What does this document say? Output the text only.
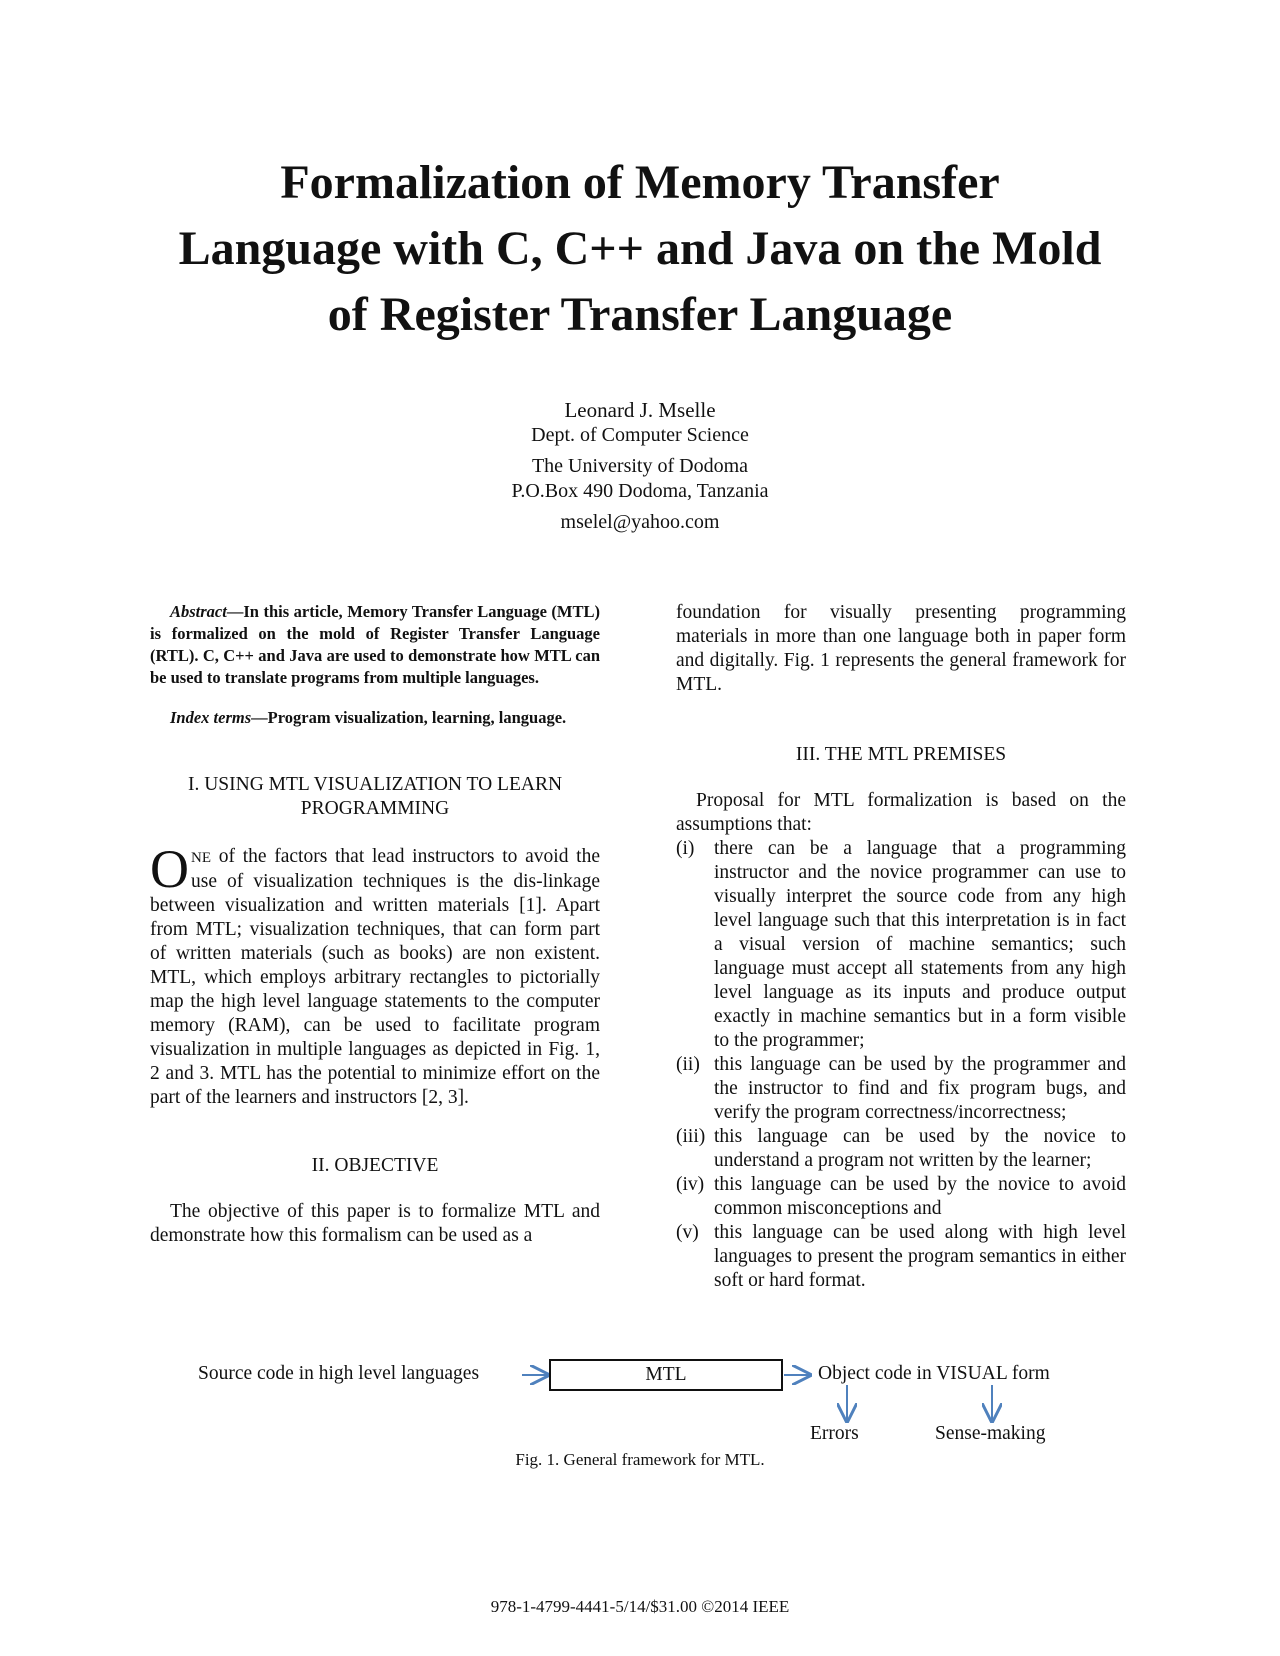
Formalization of Memory Transfer
Language with C, C++ and Java on the Mold
of Register Transfer Language
Leonard J. Mselle
Dept. of Computer Science
The University of Dodoma
P.O.Box 490 Dodoma, Tanzania
mselel@yahoo.com

Abstract—In this article, Memory Transfer Language (MTL) is formalized on the mold of Register Transfer Language (RTL). C, C++ and Java are used to demonstrate how MTL can be used to translate programs from multiple languages.

Index terms—Program visualization, learning, language.

I. USING MTL VISUALIZATION TO LEARN PROGRAMMING

ONE of the factors that lead instructors to avoid the use of visualization techniques is the dis-linkage between visualization and written materials [1]. Apart from MTL; visualization techniques, that can form part of written materials (such as books) are non existent. MTL, which employs arbitrary rectangles to pictorially map the high level language statements to the computer memory (RAM), can be used to facilitate program visualization in multiple languages as depicted in Fig. 1, 2 and 3. MTL has the potential to minimize effort on the part of the learners and instructors [2, 3].

II. OBJECTIVE

The objective of this paper is to formalize MTL and demonstrate how this formalism can be used as a

foundation for visually presenting programming materials in more than one language both in paper form and digitally. Fig. 1 represents the general framework for MTL.

III. THE MTL PREMISES

Proposal for MTL formalization is based on the assumptions that:

(i) there can be a language that a programming instructor and the novice programmer can use to visually interpret the source code from any high level language such that this interpretation is in fact a visual version of machine semantics; such language must accept all statements from any high level language as its inputs and produce output exactly in machine semantics but in a form visible to the programmer;
(ii) this language can be used by the programmer and the instructor to find and fix program bugs, and verify the program correctness/incorrectness;
(iii) this language can be used by the novice to understand a program not written by the learner;
(iv) this language can be used by the novice to avoid common misconceptions and
(v) this language can be used along with high level languages to present the program semantics in either soft or hard format.
Source code in high level languages	MTL	Object code in VISUAL form
Errors	Sense-making
Fig. 1. General framework for MTL.
978-1-4799-4441-5/14/$31.00 ©2014 IEEE
